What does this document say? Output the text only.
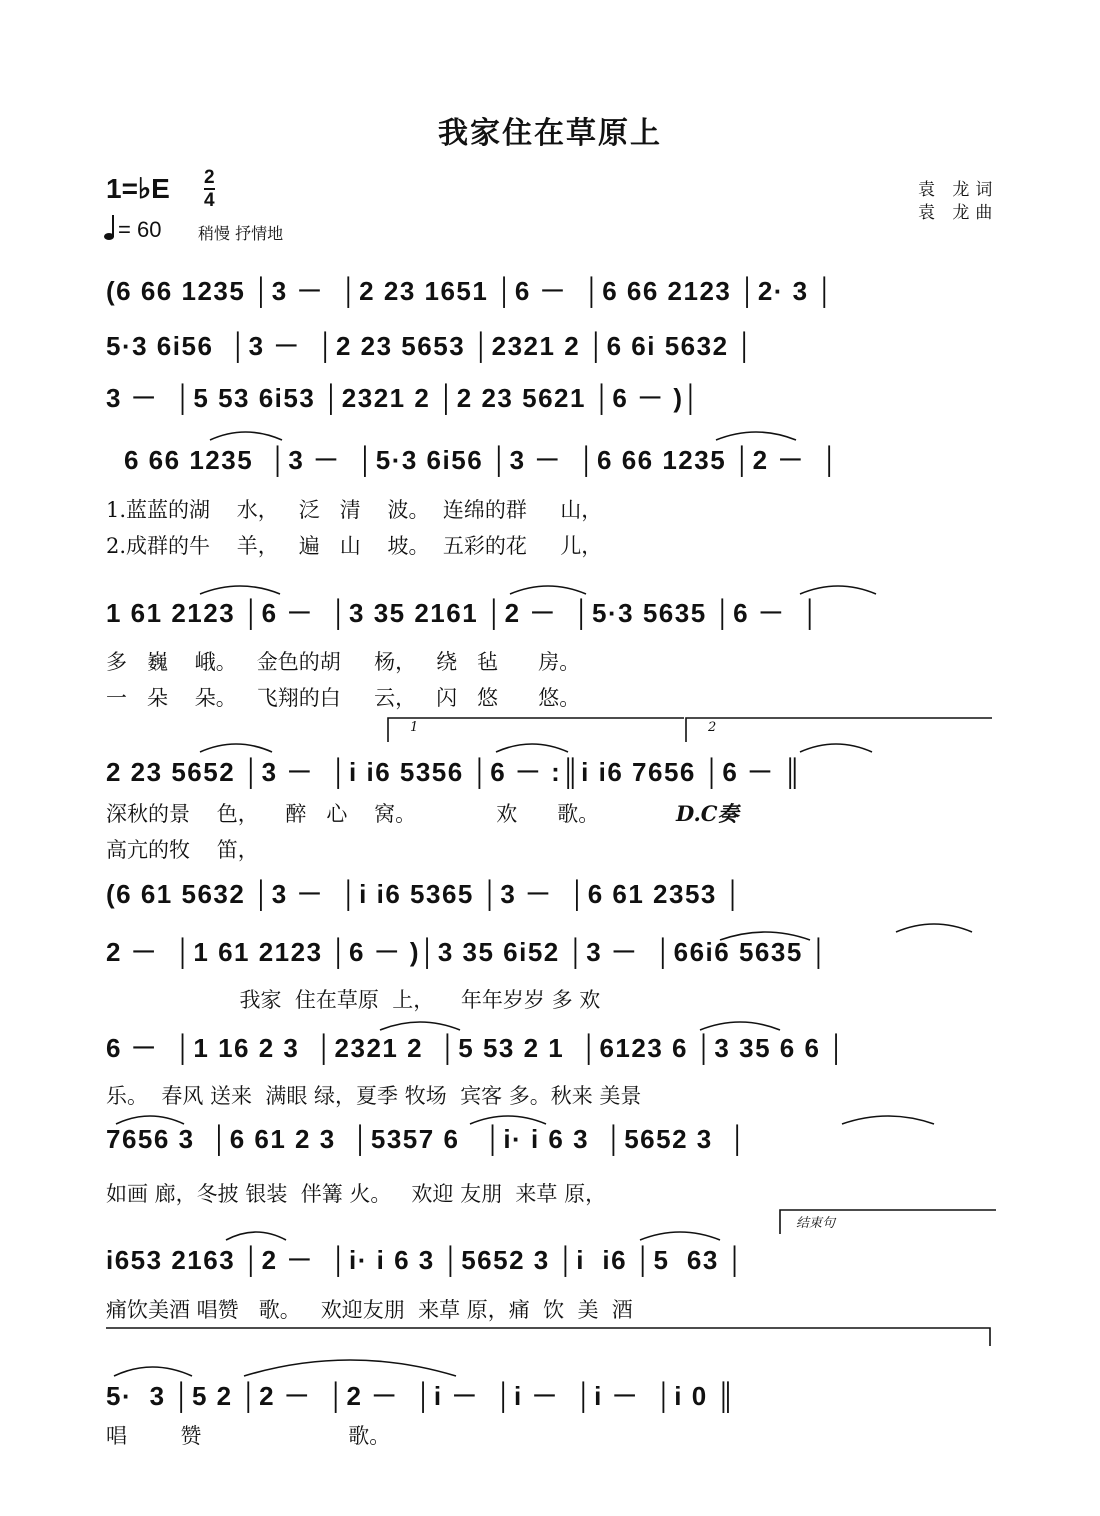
我家住在草原上
袁 龙词
袁 龙曲
1=♭E 2
4
= 60 稍慢 抒情地
(6 66 1235 │3 －  │2 23 1651 │6 －  │6 66 2123 │2· 3 │
5·3 6i56  │3 －  │2 23 5653 │2321 2 │6 6i 5632 │
3 －  │5 53 6i53 │2321 2 │2 23 5621 │6 － )│
6 66 1235  │3 －  │5·3 6i56 │3 －  │6 66 1235 │2 －  │
1.蓝蓝的湖    水，   泛   清    波。  连绵的群     山，
2.成群的牛    羊，   遍   山    坡。  五彩的花     儿，
1 61 2123 │6 －  │3 35 2161 │2 －  │5·3 5635 │6 －  │
多   巍    峨。   金色的胡     杨，   绕   毡      房。
一   朵    朵。   飞翔的白     云，   闪   悠      悠。
1	2
2 23 5652 │3 －  │i i6 5356 │6 － :║i i6 7656 │6 － ║
深秋的景    色，    醉   心    窝。            欢      歌。
高亢的牧    笛，
D.C奏
(6 61 5632 │3 －  │i i6 5365 │3 －  │6 61 2353 │
2 －  │1 61 2123 │6 － )│3 35 6i52 │3 －  │66i6 5635 │
我家  住在草原  上，    年年岁岁 多 欢
6 －  │1 16 2 3  │2321 2  │5 53 2 1  │6123 6 │3 35 6 6 │
乐。  春风 送来  满眼 绿，夏季 牧场  宾客 多。秋来 美景
7656 3  │6 61 2 3  │5357 6   │i· i 6 3  │5652 3  │
如画 廊，冬披 银装  伴篝 火。   欢迎 友朋  来草 原，
结束句
i653 2163 │2 －  │i· i 6 3 │5652 3 │i  i6 │5  63 │
痛饮美酒 唱赞   歌。   欢迎友朋  来草 原，痛  饮  美  酒
5·  3 │5 2 │2 －  │2 －  │i －  │i －  │i －  │i 0 ║
唱        赞                      歌。
